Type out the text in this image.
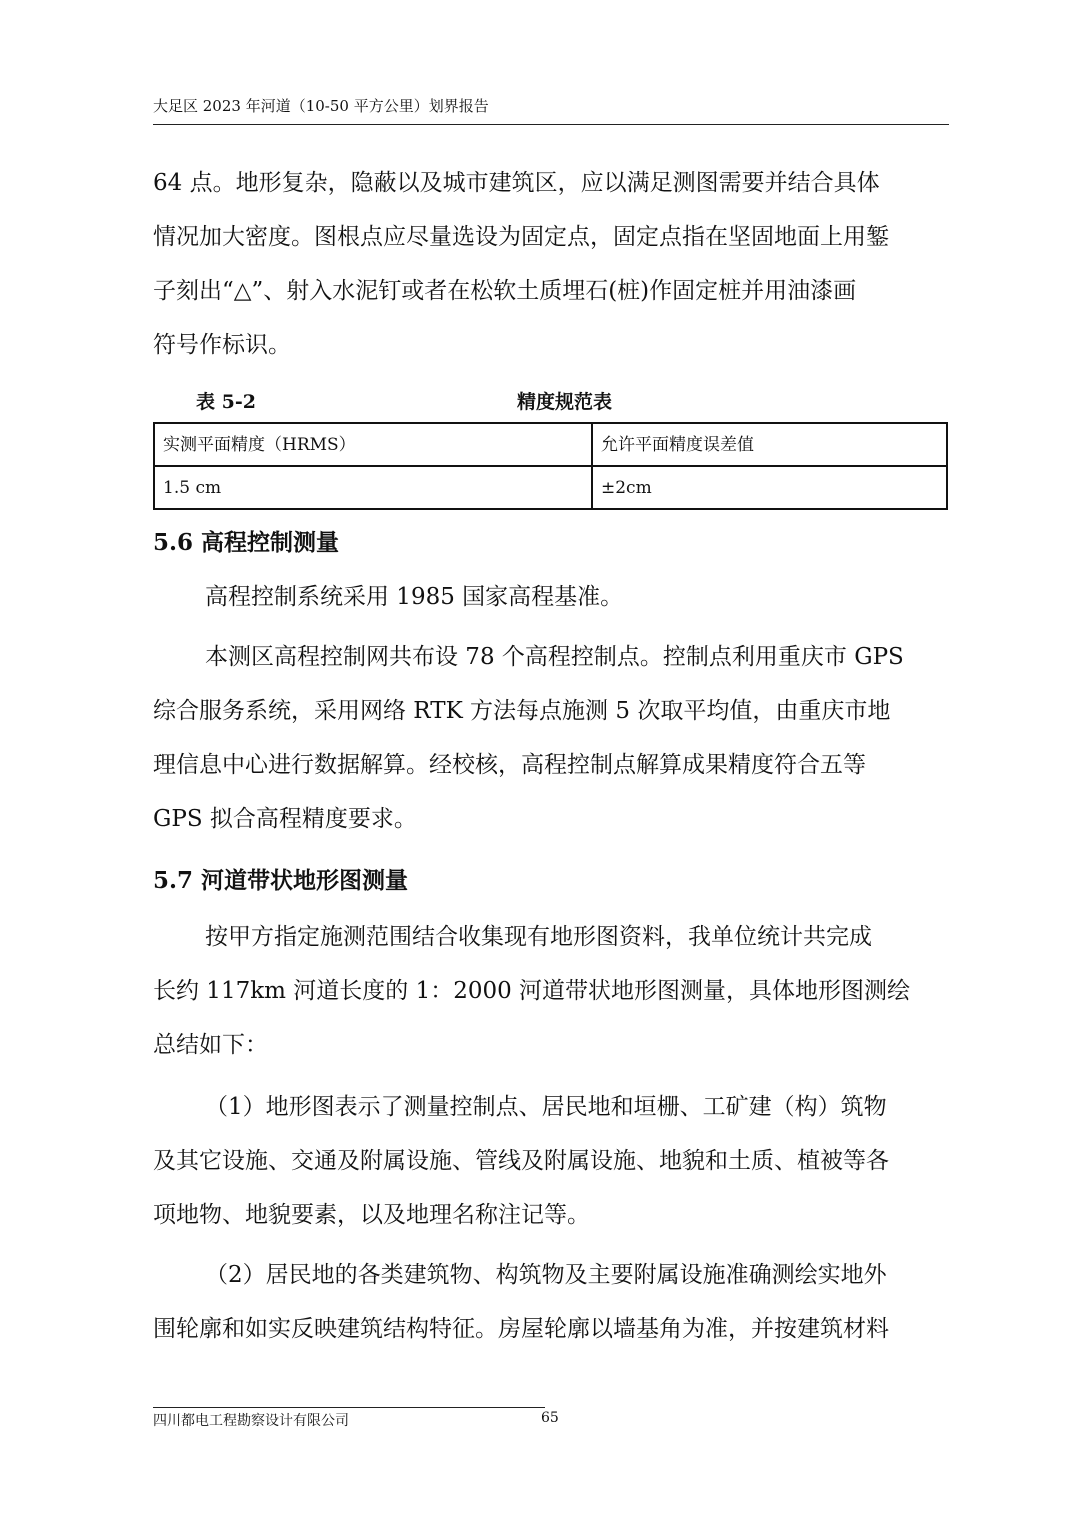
大足区 2023 年河道（10-50 平方公里）划界报告
64 点。地形复杂，隐蔽以及城市建筑区，应以满足测图需要并结合具体
情况加大密度。图根点应尽量选设为固定点，固定点指在坚固地面上用錾
子刻出“△”、射入水泥钉或者在松软土质埋石(桩)作固定桩并用油漆画
符号作标识。
表 5-2	精度规范表
实测平面精度（HRMS）	允许平面精度误差值
1.5 cm	±2cm
5.6 高程控制测量
高程控制系统采用 1985 国家高程基准。
本测区高程控制网共布设 78 个高程控制点。控制点利用重庆市 GPS
综合服务系统，采用网络 RTK 方法每点施测 5 次取平均值，由重庆市地
理信息中心进行数据解算。经校核，高程控制点解算成果精度符合五等
GPS 拟合高程精度要求。
5.7 河道带状地形图测量
按甲方指定施测范围结合收集现有地形图资料，我单位统计共完成
长约 117km 河道长度的 1：2000 河道带状地形图测量，具体地形图测绘
总结如下：
（1）地形图表示了测量控制点、居民地和垣栅、工矿建（构）筑物
及其它设施、交通及附属设施、管线及附属设施、地貌和土质、植被等各
项地物、地貌要素，以及地理名称注记等。
（2）居民地的各类建筑物、构筑物及主要附属设施准确测绘实地外
围轮廓和如实反映建筑结构特征。房屋轮廓以墙基角为准，并按建筑材料
四川都电工程勘察设计有限公司	65
